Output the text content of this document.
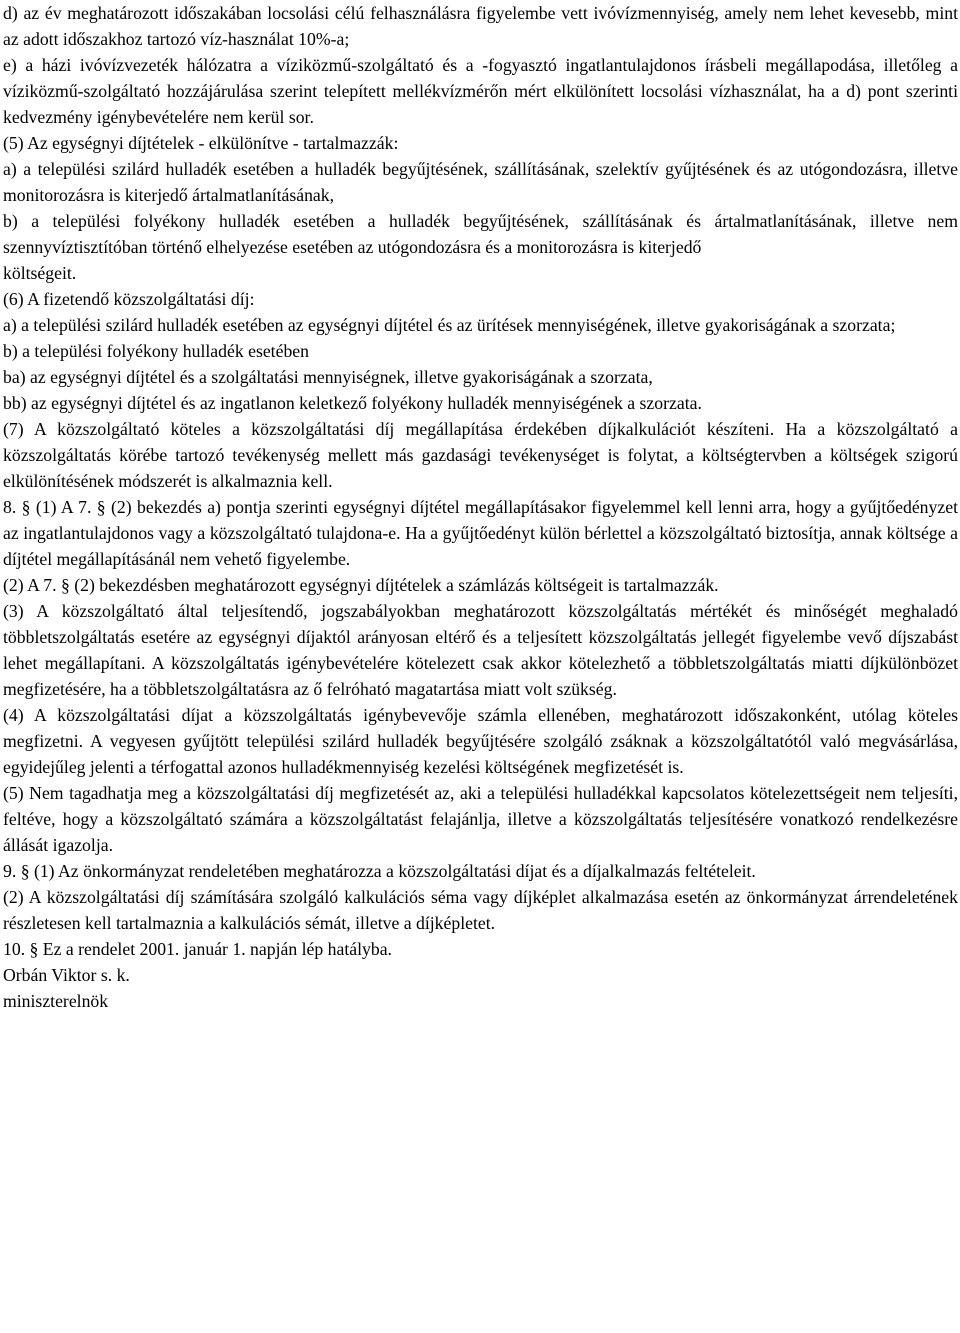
d) az év meghatározott időszakában locsolási célú felhasználásra figyelembe vett ivóvízmennyiség, amely nem lehet kevesebb, mint az adott időszakhoz tartozó víz-használat 10%-a;

e) a házi ivóvízvezeték hálózatra a víziközmű-szolgáltató és a -fogyasztó ingatlantulajdonos írásbeli megállapodása, illetőleg a víziközmű-szolgáltató hozzájárulása szerint telepített mellékvízmérőn mért elkülönített locsolási vízhasználat, ha a d) pont szerinti kedvezmény igénybevételére nem kerül sor.

(5) Az egységnyi díjtételek - elkülönítve - tartalmazzák:

a) a települési szilárd hulladék esetében a hulladék begyűjtésének, szállításának, szelektív gyűjtésének és az utógondozásra, illetve monitorozásra is kiterjedő ártalmatlanításának,

b) a települési folyékony hulladék esetében a hulladék begyűjtésének, szállításának és ártalmatlanításának, illetve nem szennyvíztisztítóban történő elhelyezése esetében az utógondozásra és a monitorozásra is kiterjedő

költségeit.

(6) A fizetendő közszolgáltatási díj:

a) a települési szilárd hulladék esetében az egységnyi díjtétel és az ürítések mennyiségének, illetve gyakoriságának a szorzata;

b) a települési folyékony hulladék esetében

ba) az egységnyi díjtétel és a szolgáltatási mennyiségnek, illetve gyakoriságának a szorzata,

bb) az egységnyi díjtétel és az ingatlanon keletkező folyékony hulladék mennyiségének a szorzata.

(7) A közszolgáltató köteles a közszolgáltatási díj megállapítása érdekében díjkalkulációt készíteni. Ha a közszolgáltató a közszolgáltatás körébe tartozó tevékenység mellett más gazdasági tevékenységet is folytat, a költségtervben a költségek szigorú elkülönítésének módszerét is alkalmaznia kell.

8. § (1) A 7. § (2) bekezdés a) pontja szerinti egységnyi díjtétel megállapításakor figyelemmel kell lenni arra, hogy a gyűjtőedényzet az ingatlantulajdonos vagy a közszolgáltató tulajdona-e. Ha a gyűjtőedényt külön bérlettel a közszolgáltató biztosítja, annak költsége a díjtétel megállapításánál nem vehető figyelembe.

(2) A 7. § (2) bekezdésben meghatározott egységnyi díjtételek a számlázás költségeit is tartalmazzák.

(3) A közszolgáltató által teljesítendő, jogszabályokban meghatározott közszolgáltatás mértékét és minőségét meghaladó többletszolgáltatás esetére az egységnyi díjaktól arányosan eltérő és a teljesített közszolgáltatás jellegét figyelembe vevő díjszabást lehet megállapítani. A közszolgáltatás igénybevételére kötelezett csak akkor kötelezhető a többletszolgáltatás miatti díjkülönbözet megfizetésére, ha a többletszolgáltatásra az ő felróható magatartása miatt volt szükség.

(4) A közszolgáltatási díjat a közszolgáltatás igénybevevője számla ellenében, meghatározott időszakonként, utólag köteles megfizetni. A vegyesen gyűjtött települési szilárd hulladék begyűjtésére szolgáló zsáknak a közszolgáltatótól való megvásárlása, egyidejűleg jelenti a térfogattal azonos hulladékmennyiség kezelési költségének megfizetését is.

(5) Nem tagadhatja meg a közszolgáltatási díj megfizetését az, aki a települési hulladékkal kapcsolatos kötelezettségeit nem teljesíti, feltéve, hogy a közszolgáltató számára a közszolgáltatást felajánlja, illetve a közszolgáltatás teljesítésére vonatkozó rendelkezésre állását igazolja.

9. § (1) Az önkormányzat rendeletében meghatározza a közszolgáltatási díjat és a díjalkalmazás feltételeit.

(2) A közszolgáltatási díj számítására szolgáló kalkulációs séma vagy díjképlet alkalmazása esetén az önkormányzat árrendeletének részletesen kell tartalmaznia a kalkulációs sémát, illetve a díjképletet.

10. § Ez a rendelet 2001. január 1. napján lép hatályba.

Orbán Viktor s. k.

miniszterelnök
